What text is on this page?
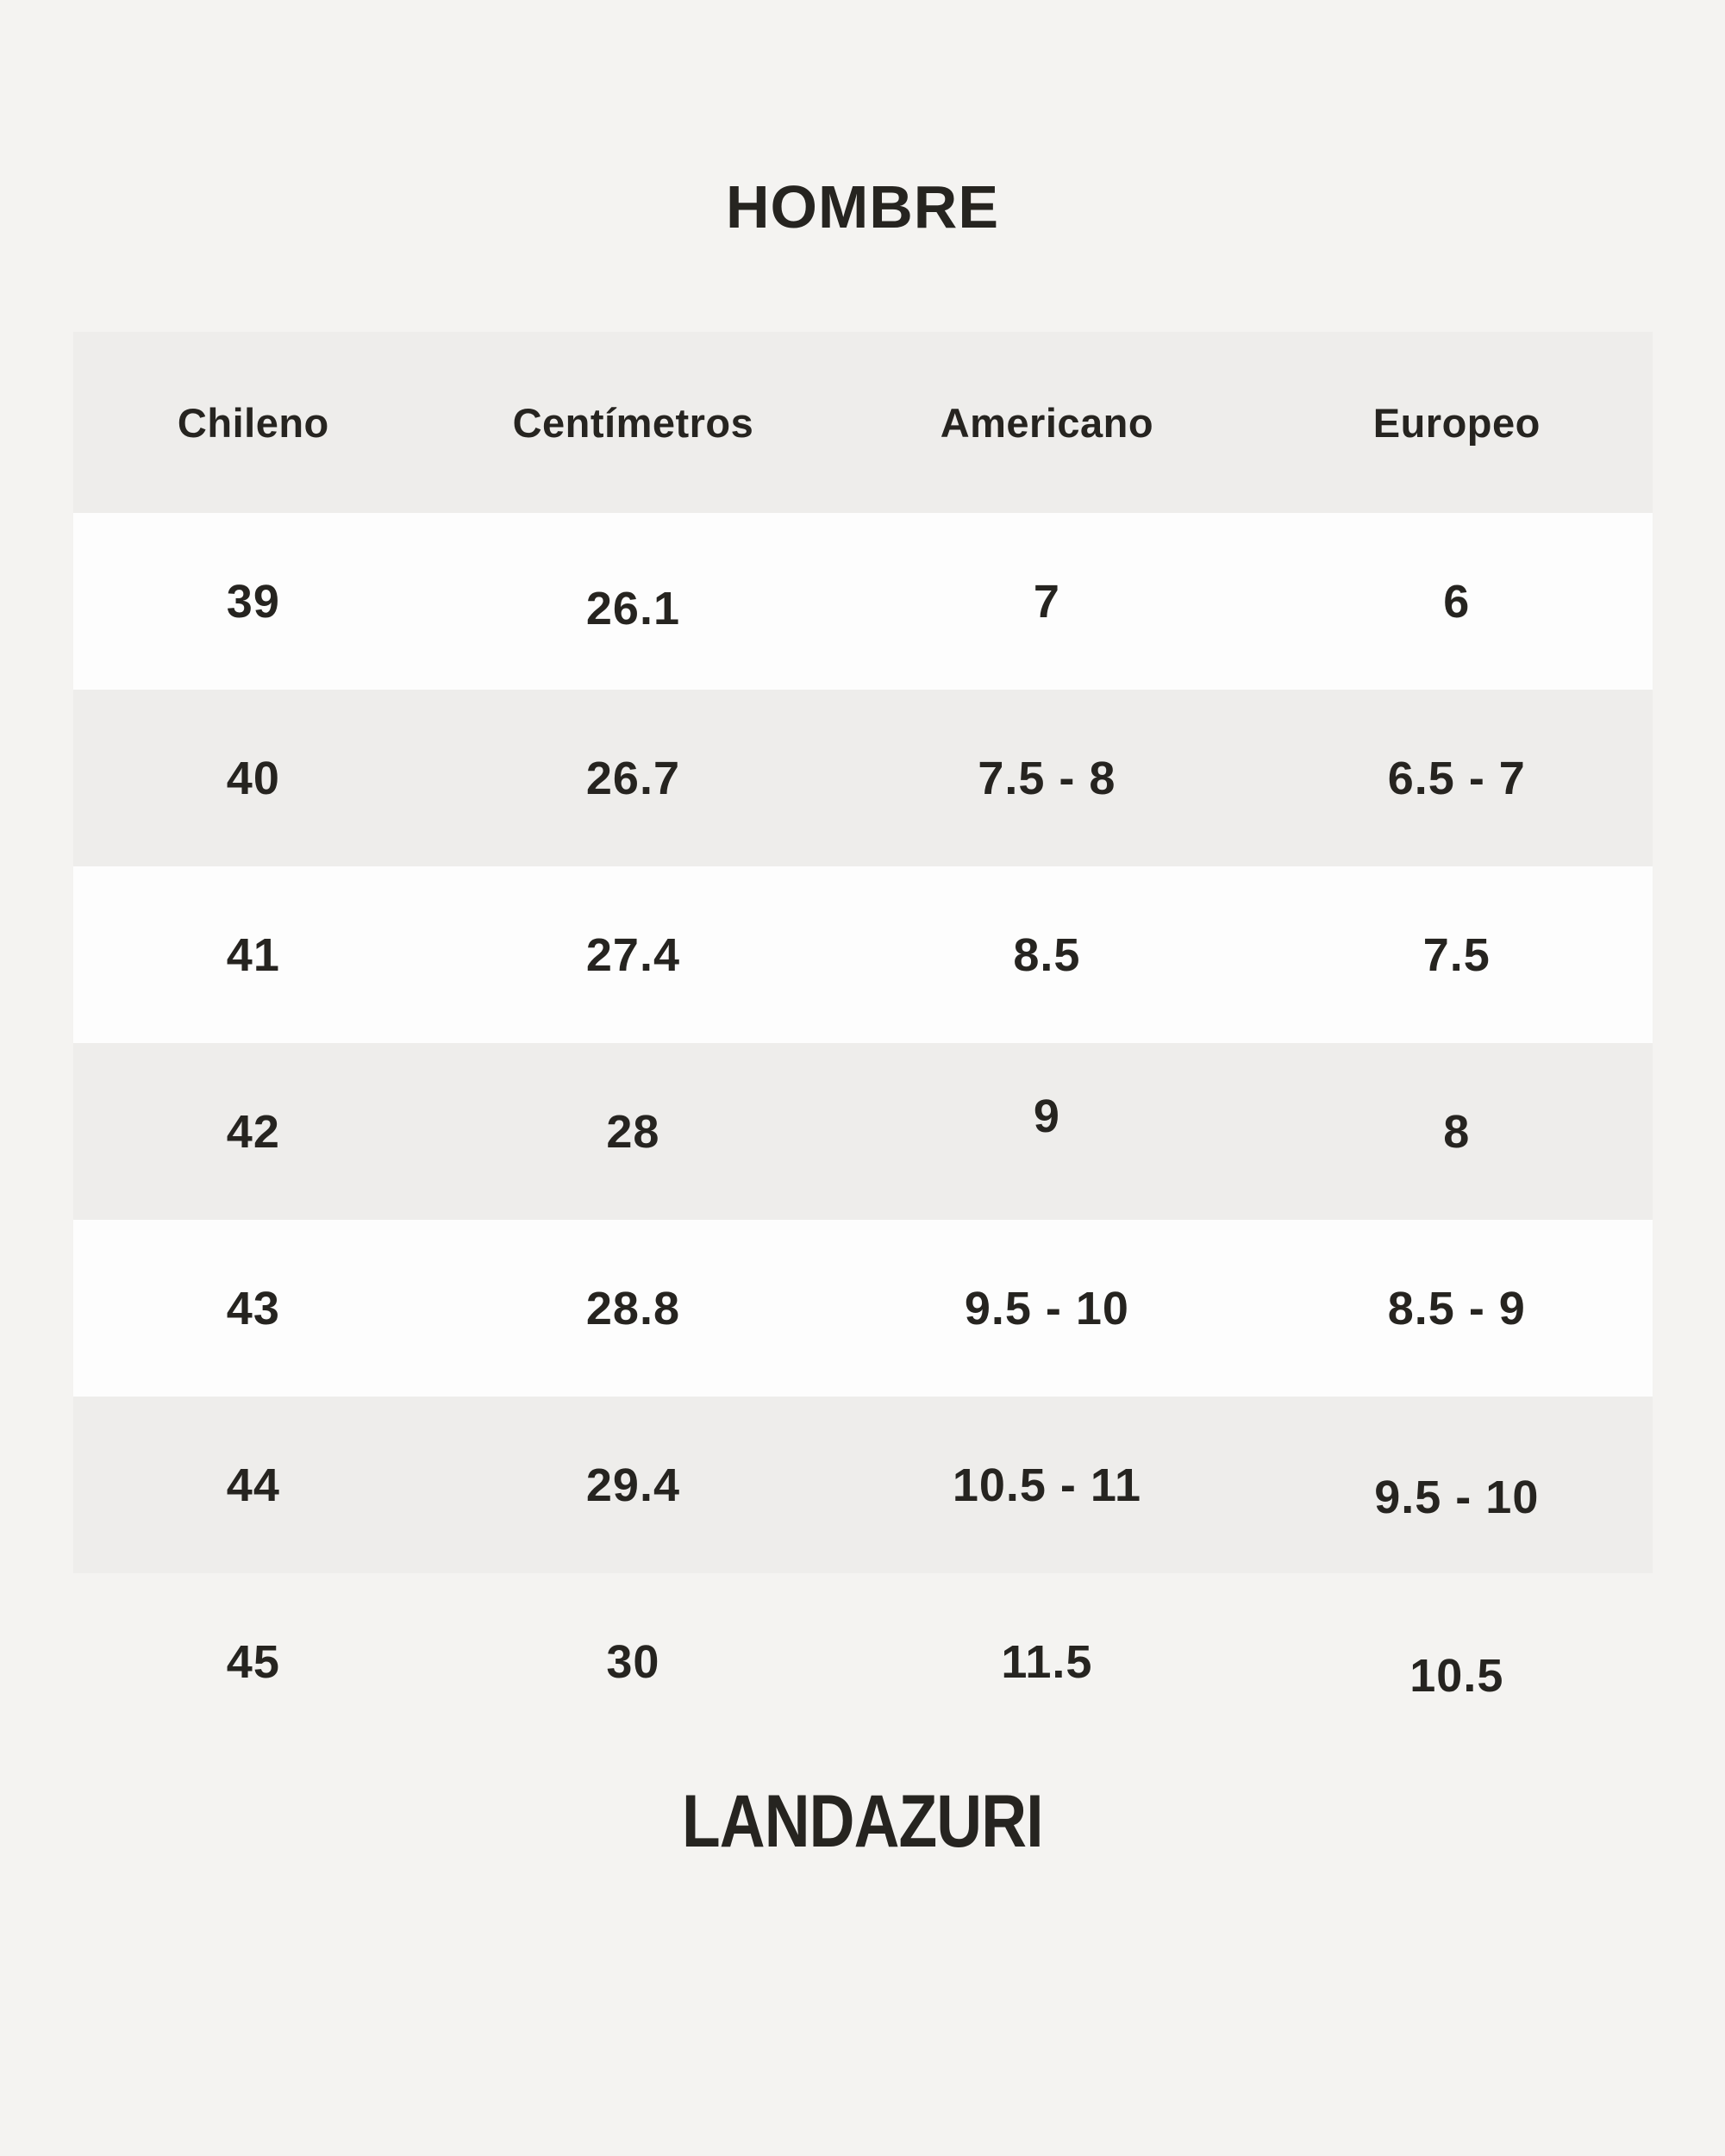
HOMBRE
Chileno	Centímetros	Americano	Europeo
39	26.1	7	6
40	26.7	7.5 - 8	6.5 - 7
41	27.4	8.5	7.5
42	28	9	8
43	28.8	9.5 - 10	8.5 - 9
44	29.4	10.5 - 11	9.5 - 10
45	30	11.5	10.5
LANDAZURI
